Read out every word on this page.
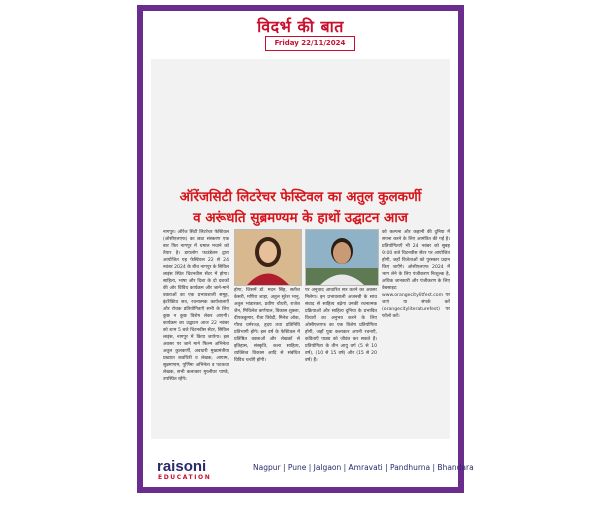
विदर्भ की बात
Friday 22/11/2024
ऑरेंजसिटी लिटरेचर फेस्टिवल का अतुल कुलकर्णी
व अरूंधति सुब्रमण्यम के हाथों उद्घाटन आज
नागपुर। ऑरेंज सिटी लिटरेचर फेस्टिवल (ओसीएलएफ) का छठा संस्करण एक बार फिर नागपुर में धमाल मचाने को तैयार है। डायलोग फाउंडेशन द्वारा आयोजित यह फेस्टिवल 22 से 24 नवंबर 2024 के बीच नागपुर के सिविल लाइंस स्थित चिटनवीस सेंटर में होगा। साहित्य, भाषा और दिशा के दो दशकों की ओर विविध कार्यक्रम और जाने-माने वक्ताओं का एक प्रभावशाली समूह, इंटरैक्टिव सत्र, रचनात्मक कार्यशालाएँ और रोचक प्रतियोगिताएँ सभी के लिए कुछ न कुछ विशेष लेकर आएगी। कार्यक्रम का उद्घाटन आज 22 नवंबर को शाम 5 बजे चिटनवीस सेंटर, सिविल लाइंस, नागपुर में किया जायेगा। इस अवसर पर जाने माने फिल्म अभिनेता अतुल कुलकर्णी, अवधारी मुख्यमंत्रीया प्रख्यात कवयित्री व लेखक, आयाम, सुब्रमण्यम, पूर्णिमा अभिनेता व पटकथा लेखक, सभी कलाकार मुरलीघर पाण्डे, उपस्थित रहेंगे।
होगा, जिसमें डॉ. मदन सिंह, सतीश केसरी, मणिरा शाहा, अतुल सुरेश भानु, अतुल भांडारकर, प्रवीण चौधरी, राजेश जैन, मिथिलेश कर्णपाल, विकास शुक्ला, दीपककुमार, रीता त्रिवेदी, मिनेश ओक, गौरव धर्मरज्ज्ञ, हृदय तथा प्रतिनिधि प्रतिभागी होंगे। इस वर्ष के फेस्टिवल में प्रतिष्ठित वक्ताओं और लेखकों से इतिहास, संस्कृति, कला साहित्य, व्यक्तित्व विकास आदि से संबंधित विविध चर्चाएँ होंगी।
पर अनुवाद आधारित सत्र करने का अवसर मिलेगा। इन प्रभावशाली अजनबी के साथ संवाद से साहित्य बढ़ेगा उनकी रचनात्मक प्रक्रियाओं और साहित्य दुनिया के प्रभावित विचारों का अनुभव करने के लिए ओसीएलएफ का एक विशेष प्रतियोगिता होगी, जहाँ युवा कलाकार अपनी रचनाएँ, कविताएँ पाठ्य को जीवंत कर सकते हैं। प्रतियोगिता के तीन आयु वर्ग (5 से 10 वर्ष), (10 से 15 वर्ष) और (15 से 20 वर्ष) हैं।
को कल्पना और कहानी की दुनिया में सपना करने के लिए आमंत्रित की गई है। प्रतियोगिताएँ भी 24 नवंबर को सुबह 9:00 बजे चिटनवीस सेंटर पर आयोजित होगी, जहाँ विजेताओं को पुरस्कार प्रदान किए जाएँगे। ओसीएलएफ 2024 में भाग लेने के लिए पंजीकरण निःशुल्क है, अधिक जानकारी और पंजीकरण के लिए वेबसाइट: www.orangecitylitfest.com पर जाएं या संपर्क करें (orangecityliteraturefest) पर फॉलो करें।
raisoni
EDUCATION
Nagpur | Pune | Jalgaon | Amravati | Pandhurna | Bhandara
